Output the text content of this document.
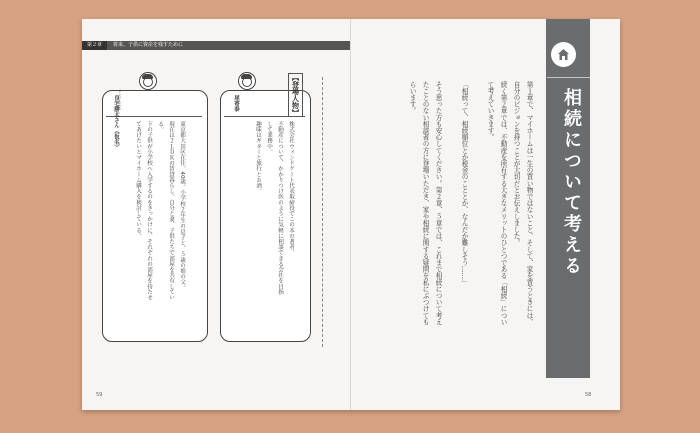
第２章	将来、子供に資産を残すために
よしたくかつた
良宅勝太さん（仮名）	東京都大田区在住。40歳。小学校２年生の息子と、５歳の娘の父。
現在は２ＬＤＫの賃貸暮らし。自分と妻、子供たちで部屋を共有してい
る。
下の子供が小学校へ入学するのをきっかけに、それぞれの部屋を持たせ
てあげたいとマイホーム購入を検討している。
尾寄泰
株式会社ウィンドゲート代表取締役でこの本の著者。
不動産について、かかりつけ医のように気軽に相談できる会社を目指
して業務中。
趣味はギターと旅行とお酒。
【登場人物】	第１章で、マイホームは一生の買い物ではないこと、そして、家を買うときには、
自分のビジョンを持つことが大切だとお伝えしました。
続く第２章では、不動産を所有する大きなメリットのひとつである「相続」につい
て考えていきます。
「相続って、相続順位とか税金のこととか、なんだか難しそう……」
そう思った方も安心してください。第２章、５章では、これまで相続について考え
たことのない相談者の方に登場いただき、家や相続に関する疑問を私にぶつけても
らいます。
59	58
相続について考える
